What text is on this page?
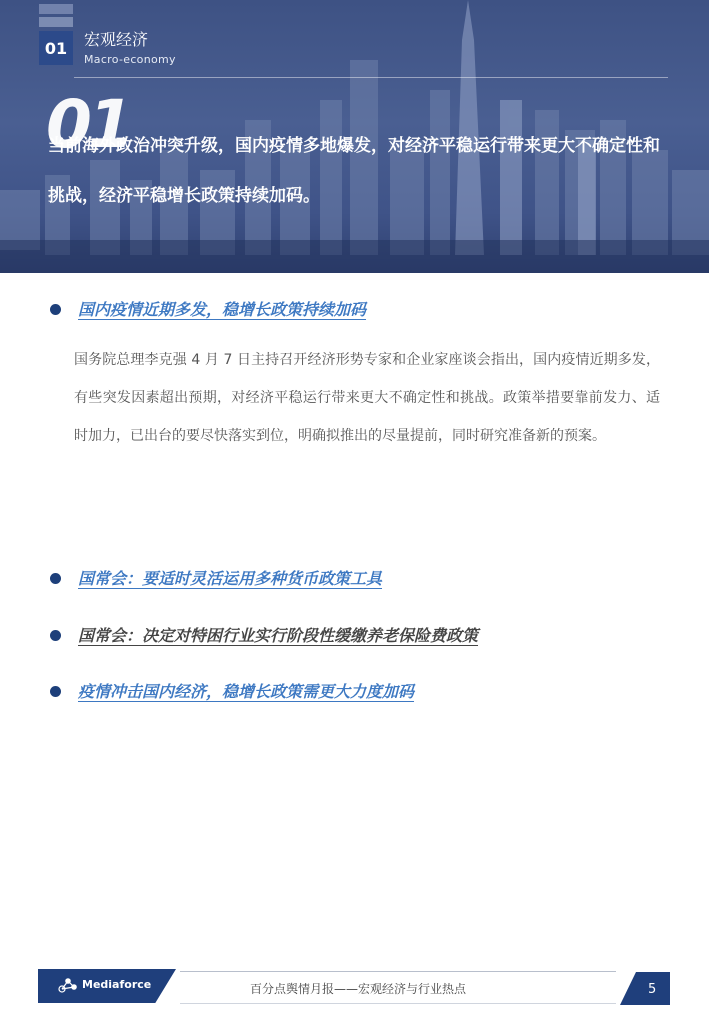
01	宏观经济
Macro-economy
01
当前海外政治冲突升级，国内疫情多地爆发，对经济平稳运行带来更大不确定性和挑战，经济平稳增长政策持续加码。
国内疫情近期多发，稳增长政策持续加码
国务院总理李克强 4 月 7 日主持召开经济形势专家和企业家座谈会指出，国内疫情近期多发，有些突发因素超出预期，对经济平稳运行带来更大不确定性和挑战。政策举措要靠前发力、适时加力，已出台的要尽快落实到位，明确拟推出的尽量提前，同时研究准备新的预案。
国常会：要适时灵活运用多种货币政策工具
国常会：决定对特困行业实行阶段性缓缴养老保险费政策
疫情冲击国内经济，稳增长政策需更大力度加码
Mediaforce	百分点舆情月报——宏观经济与行业热点	5
